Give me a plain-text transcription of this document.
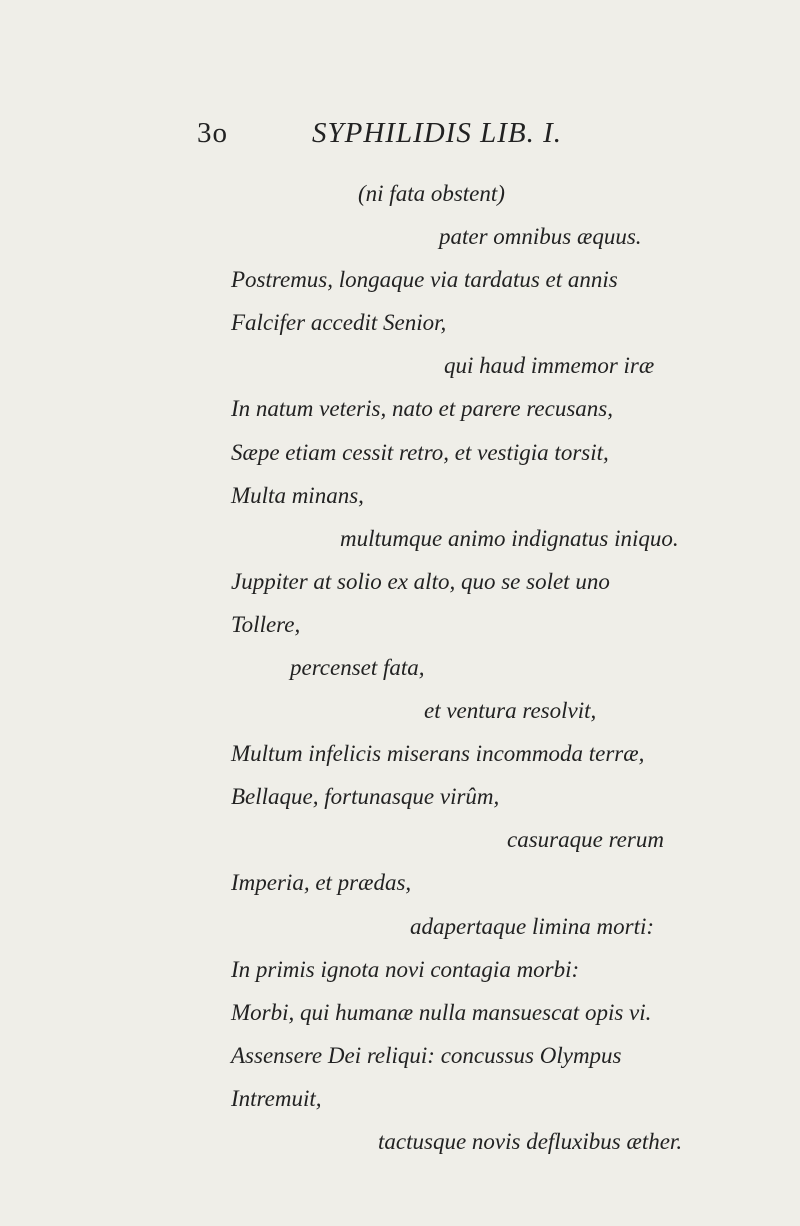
3o	SYPHILIDIS LIB. I.
(ni fata obstent)
pater omnibus æquus.
Postremus, longaque via tardatus et annis
Falcifer accedit Senior,
qui haud immemor iræ
In natum veteris, nato et parere recusans,
Sæpe etiam cessit retro, et vestigia torsit,
Multa minans,
multumque animo indignatus iniquo.
Juppiter at solio ex alto, quo se solet uno
Tollere,
percenset fata,
et ventura resolvit,
Multum infelicis miserans incommoda terræ,
Bellaque, fortunasque virûm,
casuraque rerum
Imperia, et prædas,
adapertaque limina morti:
In primis ignota novi contagia morbi:
Morbi, qui humanæ nulla mansuescat opis vi.
Assensere Dei reliqui: concussus Olympus
Intremuit,
tactusque novis defluxibus æther.
